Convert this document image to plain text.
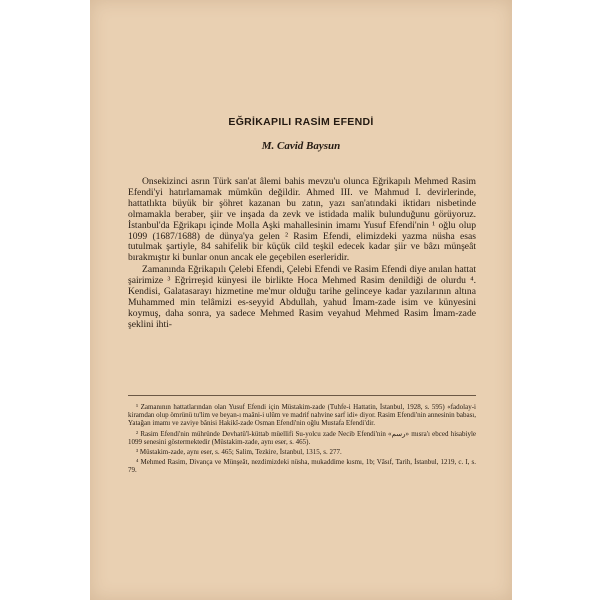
EĞRİKAPILI RASİM EFENDİ
M. Cavid Baysun

Onsekizinci asrın Türk san'at âlemi bahis mevzu'u olunca Eğrikapılı Mehmed Rasim Efendi'yi hatırlamamak mümkün değildir. Ahmed III. ve Mahmud I. devirlerinde, hattatlıkta büyük bir şöhret kazanan bu zatın, yazı san'atındaki iktidarı nisbetinde olmamakla beraber, şiir ve inşada da zevk ve istidada malik bulunduğunu görüyoruz. İstanbul'da Eğrikapı içinde Molla Aşki mahallesinin imamı Yusuf Efendi'nin ¹ oğlu olup 1099 (1687/1688) de dünya'ya gelen ² Rasim Efendi, elimizdeki yazma nüsha esas tutulmak şartiyle, 84 sahifelik bir küçük cild teşkil edecek kadar şiir ve bâzı münşeât bırakmıştır ki bunlar onun ancak ele geçebilen eserleridir.

Zamanında Eğrikapılı Çelebi Efendi, Çelebi Efendi ve Rasim Efendi diye anılan hattat şairimize ³ Eğrirreşid künyesi ile birlikte Hoca Mehmed Rasim denildiği de olurdu ⁴. Kendisi, Galatasarayı hizmetine me'mur olduğu tarihe gelinceye kadar yazılarının altına Muhammed min telâmizi es-seyyid Abdullah, yahud İmam-zade isim ve künyesini koymuş, daha sonra, ya sadece Mehmed Rasim veyahud Mehmed Rasim İmam-zade şeklini ihti-

¹ Zamanının hattatlarından olan Yusuf Efendi için Müstakim-zade (Tuhfe-i Hattatin, İstanbul, 1928, s. 595) «fadolay-i kiramdan olup ömrünü tu'lim ve beyan-ı maâni-i ulûm ve madrif nahvine sarf idi» diyor. Rasim Efendi'nin annesinin babası, Yatağan imamı ve zaviye bânisi Hakikî-zade Osman Efendi'nin oğlu Mustafa Efendi'dir.

² Rasim Efendi'nin mühründe Devhatü'l-küttab müellifi Su-yolcu zade Necib Efendi'nin «رسم» mısra'ı ebced hisabiyle 1099 senesini göstermektedir (Müstakim-zade, aynı eser, s. 465).

³ Müstakim-zade, aynı eser, s. 465; Salim, Tezkire, İstanbul, 1315, s. 277.

⁴ Mehmed Rasim, Divança ve Münşeât, nezdimizdeki nüsha, mukaddime kısmı, 1b; Vâsıf, Tarih, İstanbul, 1219, c. I, s. 79.
